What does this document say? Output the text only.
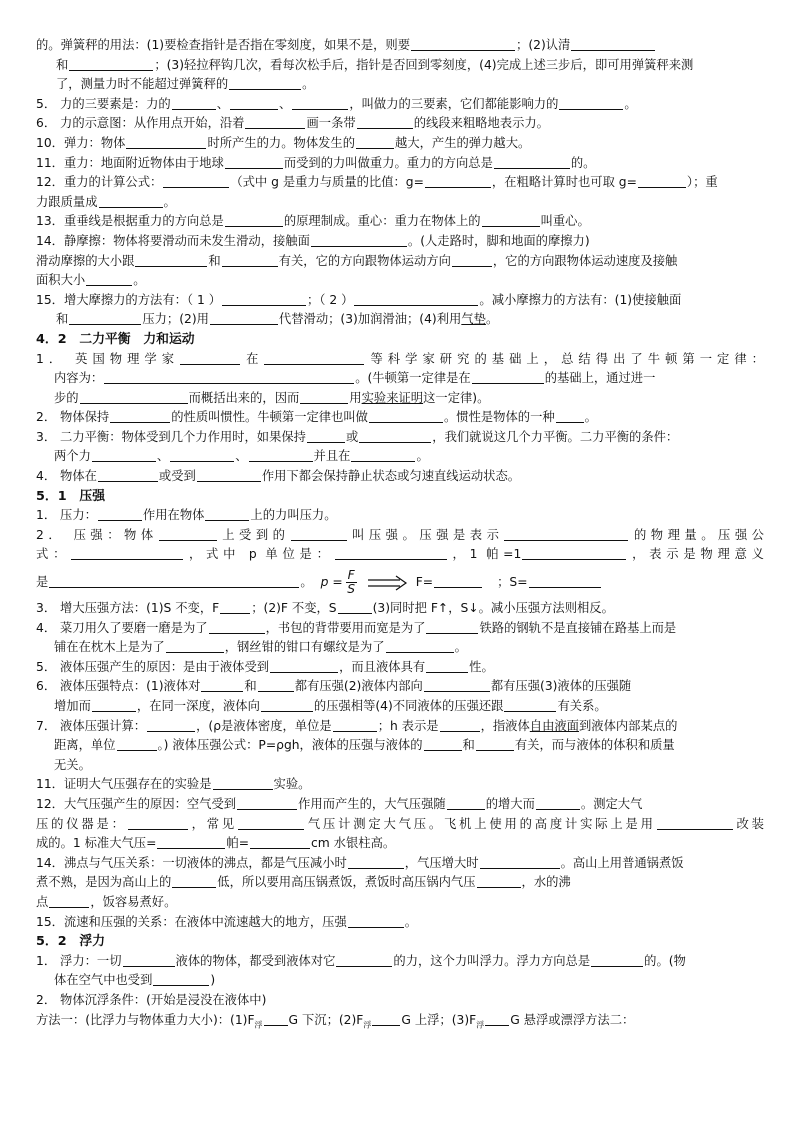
的。弹簧秤的用法：(1)要检查指针是否指在零刻度，如果不是，则要	；(2)认清
和	；(3)轻拉秤钩几次，看每次松手后，指针是否回到零刻度，(4)完成上述三步后，即可用弹簧秤来测
了，测量力时不能超过弹簧秤的	。
5． 力的三要素是：力的	、	、	，叫做力的三要素，它们都能影响力的	。
6． 力的示意图：从作用点开始，沿着	画一条带	的线段来粗略地表示力。
10．弹力：物体	时所产生的力。物体发生的	越大，产生的弹力越大。
11．重力：地面附近物体由于地球	而受到的力叫做重力。重力的方向总是	的。
12．重力的计算公式：	（式中 g 是重力与质量的比值：g=	，在粗略计算时也可取 g=	）；重
力跟质量成	。
13．重垂线是根据重力的方向总是	的原理制成。重心：重力在物体上的	叫重心。
14．静摩擦：物体将要滑动而未发生滑动，接触面	。(人走路时，脚和地面的摩擦力)
滑动摩擦的大小跟	和	有关，它的方向跟物体运动方向	，它的方向跟物体运动速度及接触
面积大小	。
15．增大摩擦力的方法有：（ 1 ）	；（ 2 ）	。减小摩擦力的方法有：(1)使接触面
和	压力；(2)用	代替滑动；(3)加润滑油；(4)利用气垫。
4．2　二力平衡　力和运动
1． 英国物理学家	在	等科学家研究的基础上，总结得出了牛顿第一定律：
内容为：	。(牛顿第一定律是在	的基础上，通过进一
步的	而概括出来的，因而	用实验来证明这一定律)。
2． 物体保持	的性质叫惯性。牛顿第一定律也叫做	。惯性是物体的一种 。
3． 二力平衡：物体受到几个力作用时，如果保持	或	，我们就说这几个力平衡。二力平衡的条件：
两个力	、	、	并且在	。
4． 物体在	或受到	作用下都会保持静止状态或匀速直线运动状态。
5．1　压强
1． 压力：	作用在物体	上的力叫压力。
2． 压强：物体	上受到的	叫压强。压强是表示	的物理量。压强公
式：	，式中 p 单位是：	，1 帕=1	，表示是物理意义
是	。 $p = \frac{F}{S}$	F=	；S=
3． 增大压强方法：(1)S 不变，F	；(2)F 不变，S	(3)同时把 F↑，S↓。减小压强方法则相反。
4． 菜刀用久了要磨一磨是为了	，书包的背带要用而宽是为了	铁路的钢轨不是直接铺在路基上而是
铺在在枕木上是为了	，钢丝钳的钳口有螺纹是为了	。
5． 液体压强产生的原因：是由于液体受到	，而且液体具有	性。
6． 液体压强特点：(1)液体对	和	都有压强(2)液体内部向	都有压强(3)液体的压强随
增加而	，在同一深度，液体向	的压强相等(4)不同液体的压强还跟	有关系。
7． 液体压强计算：	，(ρ是液体密度，单位是	；h 表示是	，指液体自由液面到液体内部某点的
距离，单位	。) 液体压强公式：P=ρgh，液体的压强与液体的	和	有关，而与液体的体积和质量
无关。
11．证明大气压强存在的实验是	实验。
12．大气压强产生的原因：空气受到	作用而产生的，大气压强随	的增大而	。测定大气
压的仪器是：	，常见	气压计测定大气压。飞机上使用的高度计实际上是用	改装
成的。1 标准大气压=	帕=	cm 水银柱高。
14．沸点与气压关系：一切液体的沸点，都是气压减小时	，气压增大时	。高山上用普通锅煮饭
煮不熟，是因为高山上的	低，所以要用高压锅煮饭，煮饭时高压锅内气压	，水的沸
点	，饭容易煮好。
15．流速和压强的关系：在液体中流速越大的地方，压强	。
5．2　浮力
1． 浮力：一切	液体的物体，都受到液体对它	的力，这个力叫浮力。浮力方向总是	的。(物
体在空气中也受到	)
2． 物体沉浮条件：(开始是浸没在液体中)
方法一：(比浮力与物体重力大小)：$(1)F_浮$ G 下沉；$(2)F_浮$ G 上浮；$(3)F_浮$ G 悬浮或漂浮方法二：
